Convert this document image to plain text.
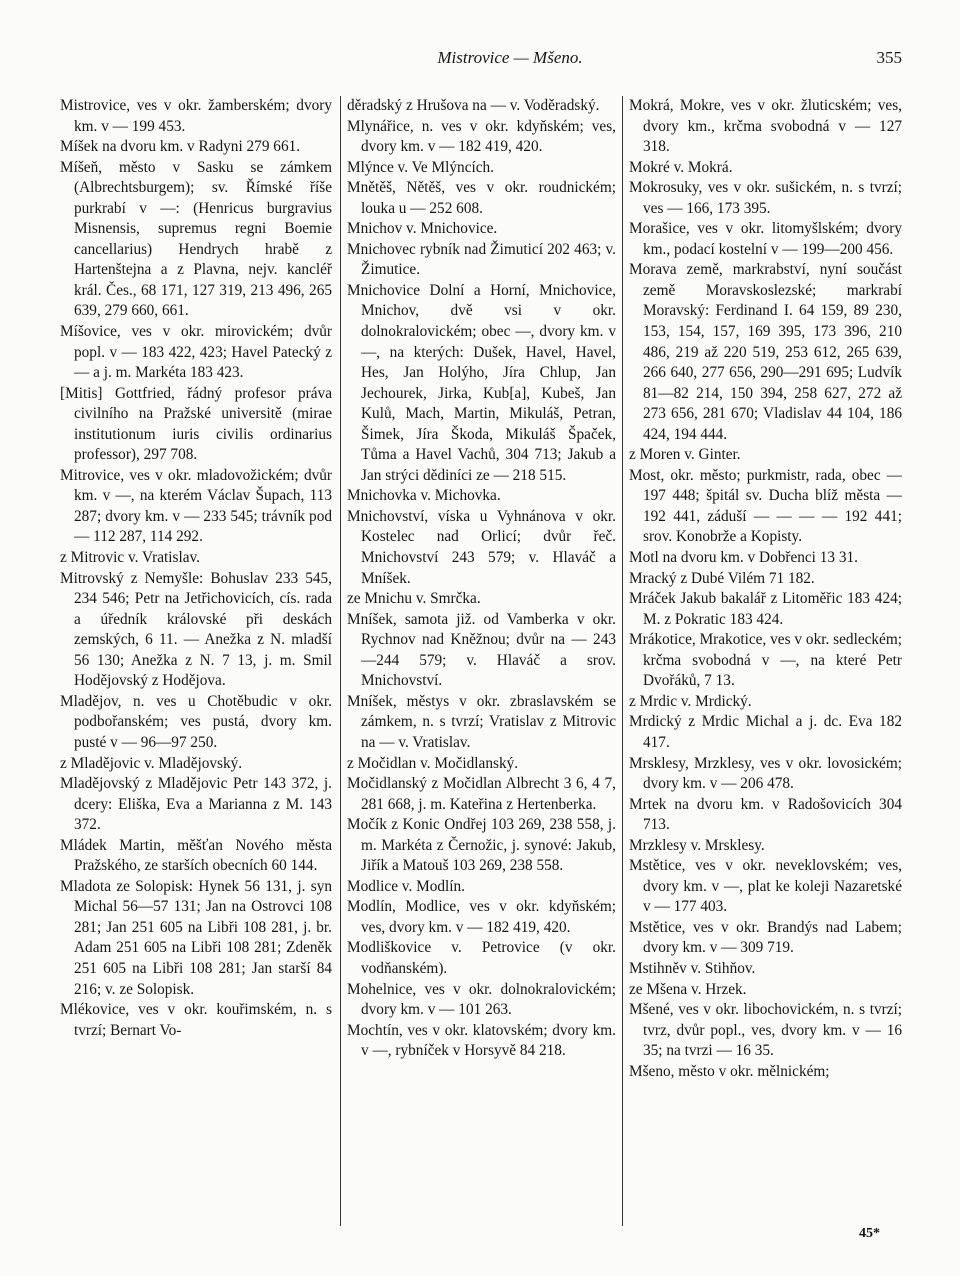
Mistrovice — Mšeno.	355

Mistrovice, ves v okr. žamberském; dvory km. v — 199 453.

Míšek na dvoru km. v Radyni 279 661.

Míšeň, město v Sasku se zámkem (Albrechtsburgem); sv. Římské říše purkrabí v —: (Henricus burgravius Misnensis, supremus regni Boemie cancellarius) Hendrych hrabě z Hartenštejna a z Plavna, nejv. kancléř král. Čes., 68 171, 127 319, 213 496, 265 639, 279 660, 661.

Míšovice, ves v okr. mirovickém; dvůr popl. v — 183 422, 423; Havel Patecký z — a j. m. Markéta 183 423.

[Mitis] Gottfried, řádný profesor práva civilního na Pražské universitě (mirae institutionum iuris civilis ordinarius professor), 297 708.

Mitrovice, ves v okr. mladovožickém; dvůr km. v —, na kterém Václav Šupach, 113 287; dvory km. v — 233 545; trávník pod — 112 287, 114 292.

z Mitrovic v. Vratislav.

Mitrovský z Nemyšle: Bohuslav 233 545, 234 546; Petr na Jetřichovicích, cís. rada a úředník královské při deskách zemských, 6 11. — Anežka z N. mladší 56 130; Anežka z N. 7 13, j. m. Smil Hodějovský z Hodějova.

Mladějov, n. ves u Chotěbudic v okr. podbořanském; ves pustá, dvory km. pusté v — 96—97 250.

z Mladějovic v. Mladějovský.

Mladějovský z Mladějovic Petr 143 372, j. dcery: Eliška, Eva a Marianna z M. 143 372.

Mládek Martin, měšťan Nového města Pražského, ze starších obecních 60 144.

Mladota ze Solopisk: Hynek 56 131, j. syn Michal 56—57 131; Jan na Ostrovci 108 281; Jan 251 605 na Libři 108 281, j. br. Adam 251 605 na Libři 108 281; Zdeněk 251 605 na Libři 108 281; Jan starší 84 216; v. ze Solopisk.

Mlékovice, ves v okr. kouřimském, n. s tvrzí; Bernart Vo-

děradský z Hrušova na — v. Voděradský.

Mlynářice, n. ves v okr. kdyňském; ves, dvory km. v — 182 419, 420.

Mlýnce v. Ve Mlýncích.

Mnětěš, Nětěš, ves v okr. roudnickém; louka u — 252 608.

Mnichov v. Mnichovice.

Mnichovec rybník nad Žimuticí 202 463; v. Žimutice.

Mnichovice Dolní a Horní, Mnichovice, Mnichov, dvě vsi v okr. dolnokralovickém; obec —, dvory km. v —, na kterých: Dušek, Havel, Havel, Hes, Jan Holýho, Jíra Chlup, Jan Jechourek, Jirka, Kub[a], Kubeš, Jan Kulů, Mach, Martin, Mikuláš, Petran, Šimek, Jíra Škoda, Mikuláš Špaček, Tůma a Havel Vachů, 304 713; Jakub a Jan strýci dědiníci ze — 218 515.

Mnichovka v. Michovka.

Mnichovství, víska u Vyhnánova v okr. Kostelec nad Orlicí; dvůr řeč. Mnichovství 243 579; v. Hlaváč a Mníšek.

ze Mnichu v. Smrčka.

Mníšek, samota již. od Vamberka v okr. Rychnov nad Kněžnou; dvůr na — 243—244 579; v. Hlaváč a srov. Mnichovství.

Mníšek, městys v okr. zbraslavském se zámkem, n. s tvrzí; Vratislav z Mitrovic na — v. Vratislav.

z Močidlan v. Močidlanský.

Močidlanský z Močidlan Albrecht 3 6, 4 7, 281 668, j. m. Kateřina z Hertenberka.

Močík z Konic Ondřej 103 269, 238 558, j. m. Markéta z Černožic, j. synové: Jakub, Jiřík a Matouš 103 269, 238 558.

Modlice v. Modlín.

Modlín, Modlice, ves v okr. kdyňském; ves, dvory km. v — 182 419, 420.

Modliškovice v. Petrovice (v okr. vodňanském).

Mohelnice, ves v okr. dolnokralovickém; dvory km. v — 101 263.

Mochtín, ves v okr. klatovském; dvory km. v —, rybníček v Horsyvě 84 218.

Mokrá, Mokre, ves v okr. žluticském; ves, dvory km., krčma svobodná v — 127 318.

Mokré v. Mokrá.

Mokrosuky, ves v okr. sušickém, n. s tvrzí; ves — 166, 173 395.

Morašice, ves v okr. litomyšlském; dvory km., podací kostelní v — 199—200 456.

Morava země, markrabství, nyní součást země Moravskoslezské; markrabí Moravský: Ferdinand I. 64 159, 89 230, 153, 154, 157, 169 395, 173 396, 210 486, 219 až 220 519, 253 612, 265 639, 266 640, 277 656, 290—291 695; Ludvík 81—82 214, 150 394, 258 627, 272 až 273 656, 281 670; Vladislav 44 104, 186 424, 194 444.

z Moren v. Ginter.

Most, okr. město; purkmistr, rada, obec — 197 448; špitál sv. Ducha blíž města — 192 441, záduší — — — — 192 441; srov. Konobrže a Kopisty.

Motl na dvoru km. v Dobřenci 13 31.

Mracký z Dubé Vilém 71 182.

Mráček Jakub bakalář z Litoměřic 183 424; M. z Pokratic 183 424.

Mrákotice, Mrakotice, ves v okr. sedleckém; krčma svobodná v —, na které Petr Dvořáků, 7 13.

z Mrdic v. Mrdický.

Mrdický z Mrdic Michal a j. dc. Eva 182 417.

Mrsklesy, Mrzklesy, ves v okr. lovosickém; dvory km. v — 206 478.

Mrtek na dvoru km. v Radošovicích 304 713.

Mrzklesy v. Mrsklesy.

Mstětice, ves v okr. neveklovském; ves, dvory km. v —, plat ke koleji Nazaretské v — 177 403.

Mstětice, ves v okr. Brandýs nad Labem; dvory km. v — 309 719.

Mstihněv v. Stihňov.

ze Mšena v. Hrzek.

Mšené, ves v okr. libochovickém, n. s tvrzí; tvrz, dvůr popl., ves, dvory km. v — 16 35; na tvrzi — 16 35.

Mšeno, město v okr. mělnickém;

45*
